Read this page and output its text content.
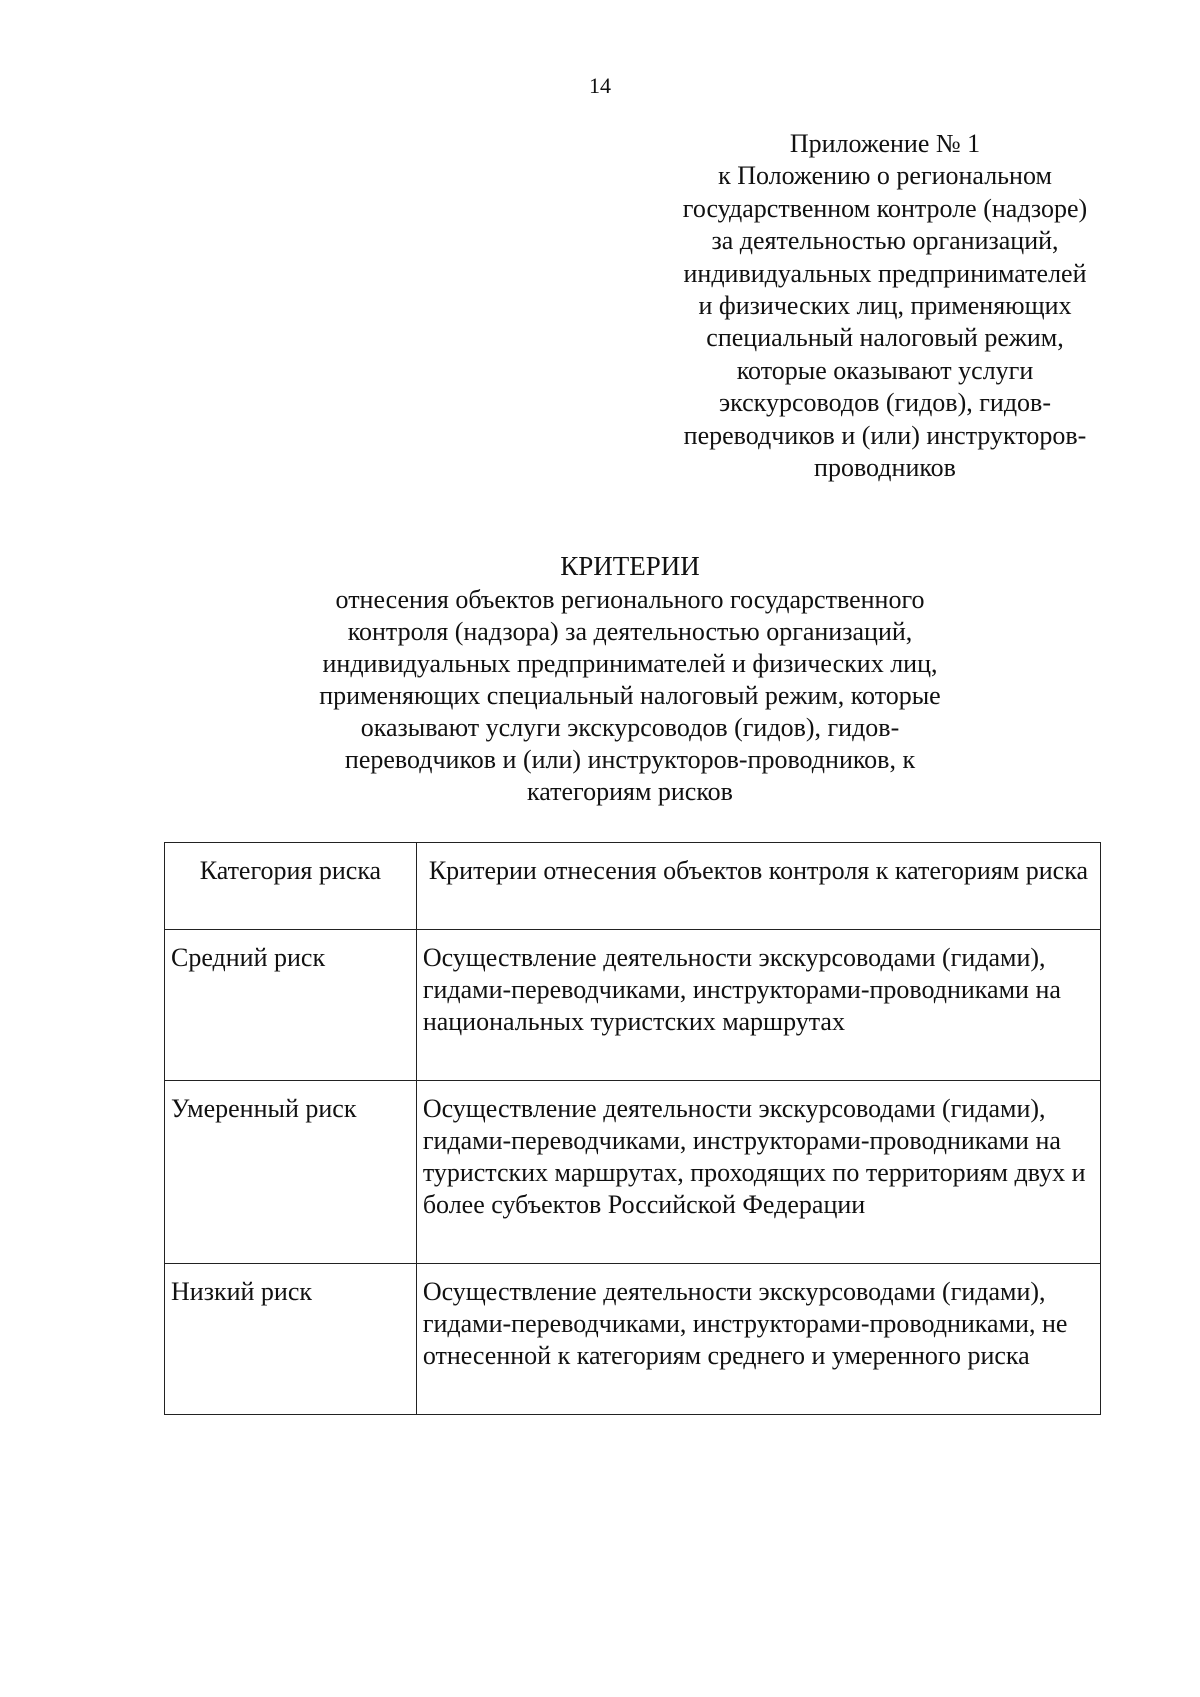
14
Приложение № 1
к Положению о региональном
государственном контроле (надзоре)
за деятельностью организаций,
индивидуальных предпринимателей
и физических лиц, применяющих
специальный налоговый режим,
которые оказывают услуги
экскурсоводов (гидов), гидов-
переводчиков и (или) инструкторов-
проводников
КРИТЕРИИ
отнесения объектов регионального государственного
контроля (надзора) за деятельностью организаций,
индивидуальных предпринимателей и физических лиц,
применяющих специальный налоговый режим, которые
оказывают услуги экскурсоводов (гидов), гидов-
переводчиков и (или) инструкторов-проводников, к
категориям рисков
Категория риска	Критерии отнесения объектов контроля к категориям риска
Средний риск	Осуществление деятельности экскурсоводами (гидами), гидами-переводчиками, инструкторами-проводниками на национальных туристских маршрутах
Умеренный риск	Осуществление деятельности экскурсоводами (гидами), гидами-переводчиками, инструкторами-проводниками на туристских маршрутах, проходящих по территориям двух и более субъектов Российской Федерации
Низкий риск	Осуществление деятельности экскурсоводами (гидами), гидами-переводчиками, инструкторами-проводниками, не отнесенной к категориям среднего и умеренного риска
